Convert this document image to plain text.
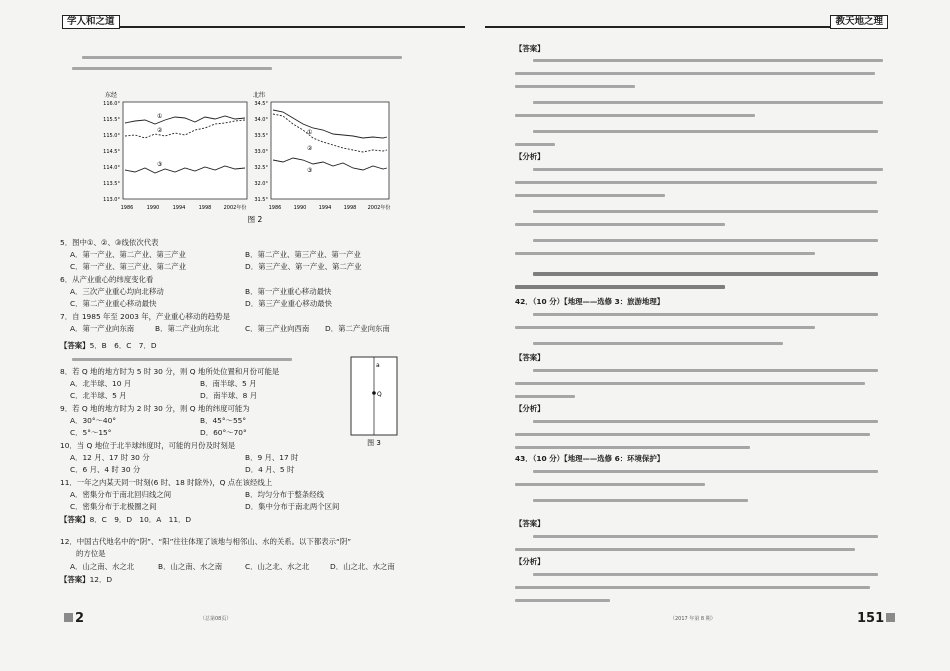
学人和之道
东经
116.0°
115.5°
115.0°
114.5°
114.0°
113.5°
113.0°
1986	1990	1994	1998 2002年份
①
②
③
北纬
34.5°
34.0°
33.5°
33.0°
32.5°
32.0°
31.5°
1986 1990 1994 1998 2002年份
①
②
③
图 2
5．图中①、②、③线依次代表
A．第一产业、第二产业、第三产业	B．第二产业、第三产业、第一产业
C．第一产业、第三产业、第二产业	D．第三产业、第一产业、第二产业
6．从产业重心的纬度变化看
A．三次产业重心均向北移动	B．第一产业重心移动最快
C．第二产业重心移动最快	D．第三产业重心移动最快
7．自 1985 年至 2003 年，产业重心移动的趋势是
A．第一产业向东南	B．第二产业向东北	C．第三产业向西南 D．第二产业向东南
【答案】5．B　6．C　7．D
a
Q
图 3
8．若 Q 地的地方时为 5 时 30 分，则 Q 地所处位置和月份可能是
A．北半球、10 月	B．南半球、5 月
C．北半球、5 月	D．南半球、8 月
9．若 Q 地的地方时为 2 时 30 分，则 Q 地的纬度可能为
A．30°～40°	B．45°～55°
C．5°～15°	D．60°～70°
10．当 Q 地位于北半球纬度时，可能的月份及时刻是
A．12 月、17 时 30 分	B．9 月、17 时
C．6 月、4 时 30 分	D．4 月、5 时
11．一年之内某天同一时刻(6 时、18 时除外)，Q 点在该经线上
A．密集分布于南北回归线之间	B．均匀分布于整条经线
C．密集分布于北极圈之间	D．集中分布于南北两个区间
【答案】8．C　9．D　10．A　11．D
12．中国古代地名中的“阴”、“阳”往往体现了该地与相邻山、水的关系。以下都表示“阴”
的方位是
A．山之南、水之北	B．山之南、水之南	C．山之北、水之北	D．山之北、水之南
【答案】12．D
2	（总第08页）
教天地之理
【答案】
【分析】
42．（10 分）【地理——选修 3：旅游地理】
【答案】
【分析】
43．（10 分）【地理——选修 6：环境保护】
【答案】
【分析】
（2017 年第 8 期）	151
